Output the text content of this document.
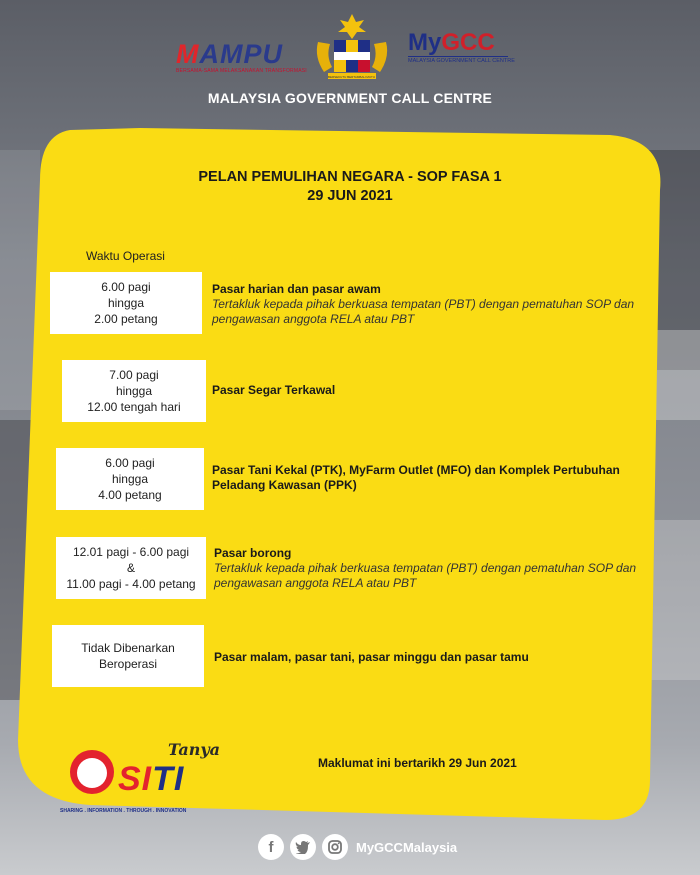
MAMPU
BERSAMA-SAMA MELAKSANAKAN TRANSFORMASI
BERSEKUTU BERTAMBAH MUTU
MyGCC
MALAYSIA GOVERNMENT CALL CENTRE
MALAYSIA GOVERNMENT CALL CENTRE
PELAN PEMULIHAN NEGARA - SOP FASA 1
29 JUN 2021
Waktu Operasi
6.00 pagi
hingga
2.00 petang
Pasar harian dan pasar awam
Tertakluk kepada pihak berkuasa tempatan (PBT) dengan pematuhan SOP dan pengawasan anggota RELA atau PBT
7.00 pagi
hingga
12.00 tengah hari
Pasar Segar Terkawal
6.00 pagi
hingga
4.00 petang
Pasar Tani Kekal (PTK), MyFarm Outlet (MFO) dan Komplek Pertubuhan Peladang Kawasan (PPK)
12.01 pagi - 6.00 pagi
&
11.00 pagi - 4.00 petang
Pasar borong
Tertakluk kepada pihak berkuasa tempatan (PBT) dengan pematuhan SOP dan pengawasan anggota RELA atau PBT
Tidak Dibenarkan
Beroperasi	Pasar malam, pasar tani, pasar minggu dan pasar tamu
Maklumat ini bertarikh 29 Jun 2021
Tanya
SITI
SHARING . INFORMATION . THROUGH . INNOVATION
f	MyGCCMalaysia
